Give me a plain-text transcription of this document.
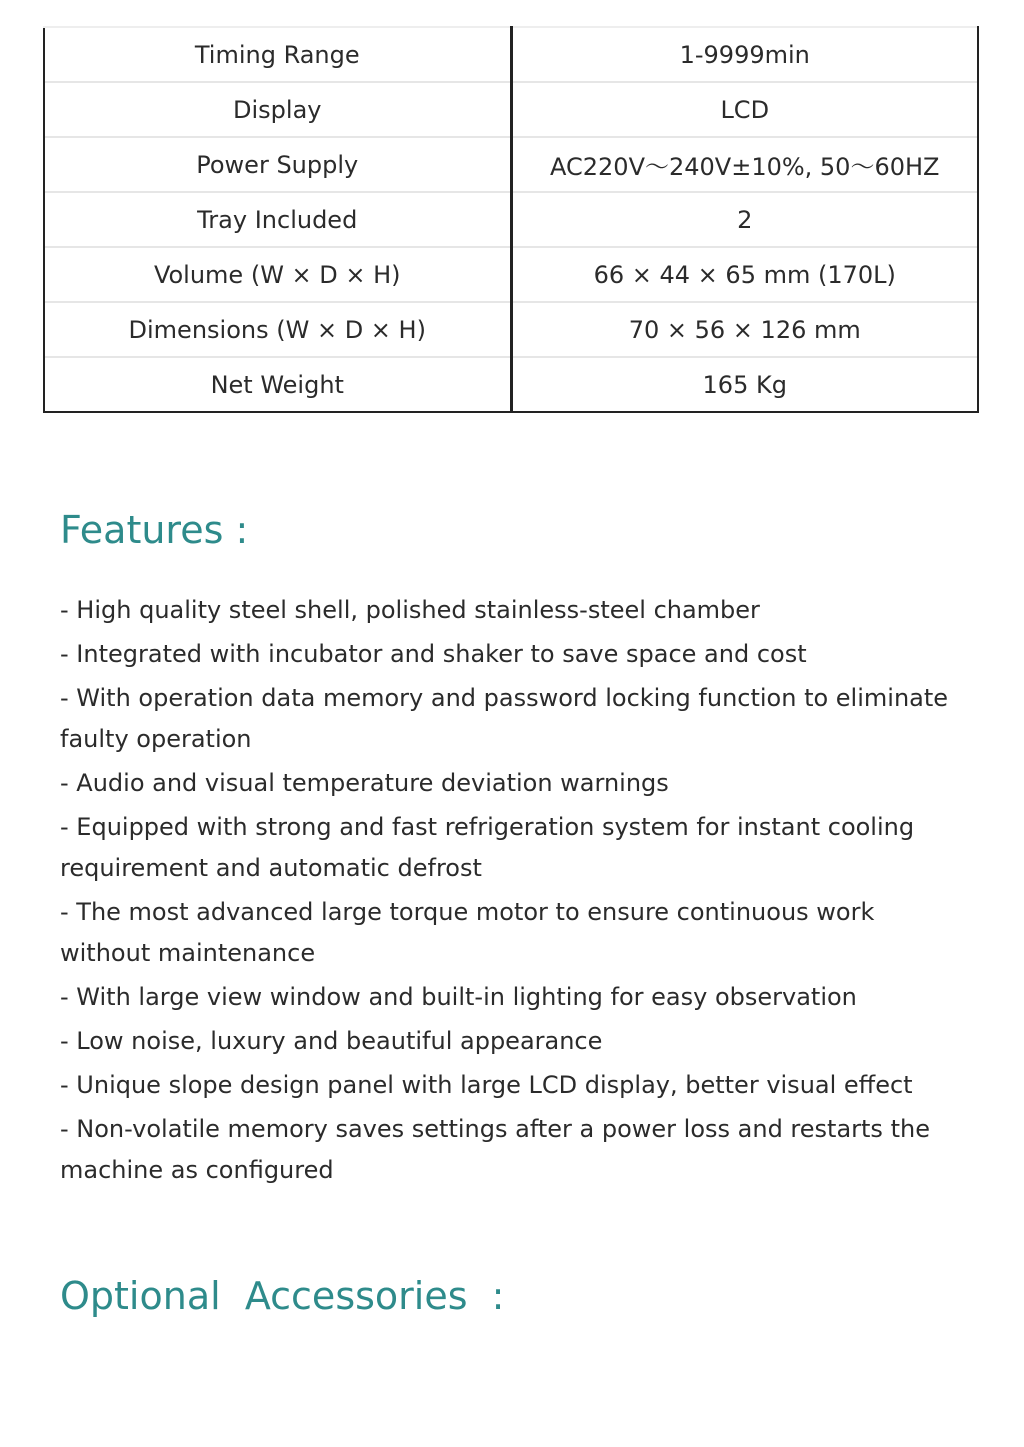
Timing Range	1-9999min
Display	LCD
Power Supply	AC220V～240V±10%, 50～60HZ
Tray Included	2
Volume (W × D × H)	66 × 44 × 65 mm (170L)
Dimensions (W × D × H)	70 × 56 × 126 mm
Net Weight	165 Kg
Features :
- High quality steel shell, polished stainless-steel chamber
- Integrated with incubator and shaker to save space and cost
- With operation data memory and password locking function to eliminate faulty operation
- Audio and visual temperature deviation warnings
- Equipped with strong and fast refrigeration system for instant cooling requirement and automatic defrost
- The most advanced large torque motor to ensure continuous work without maintenance
- With large view window and built-in lighting for easy observation
- Low noise, luxury and beautiful appearance
- Unique slope design panel with large LCD display, better visual effect
- Non-volatile memory saves settings after a power loss and restarts the machine as configured
Optional  Accessories  :
